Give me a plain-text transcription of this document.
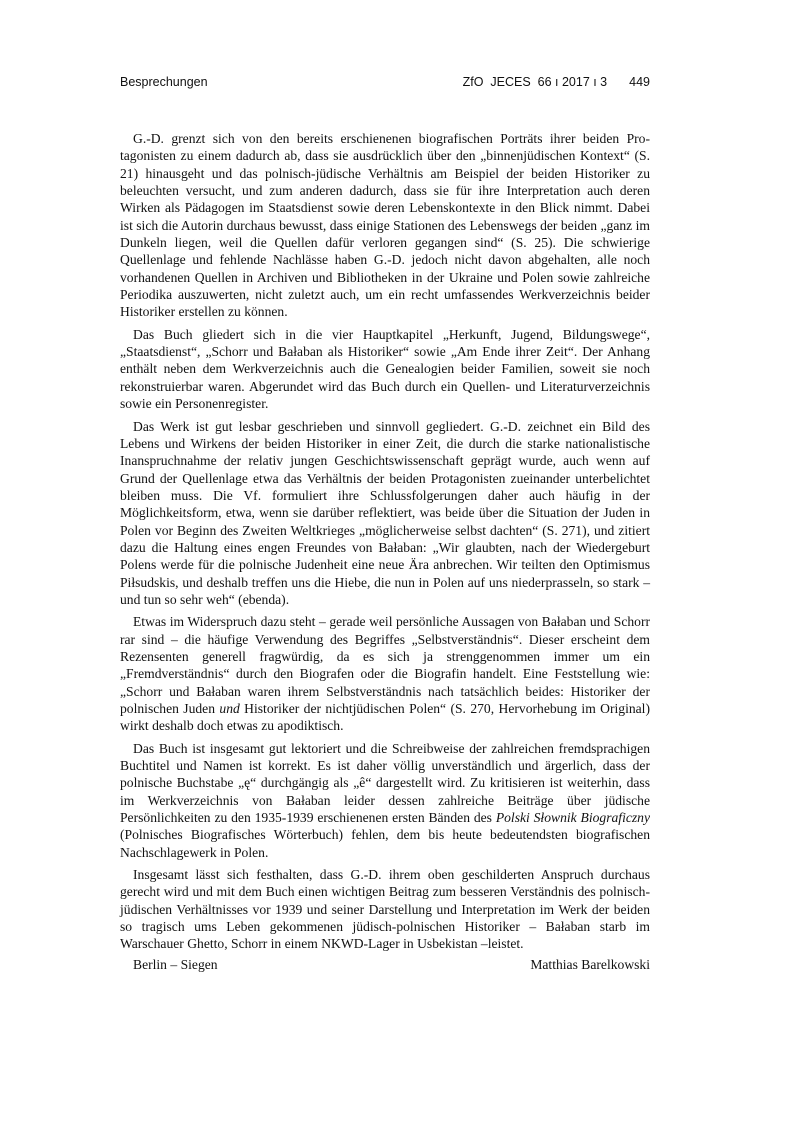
Besprechungen	ZfO  JECES  66 ı 2017 ı 3 449

G.-D. grenzt sich von den bereits erschienenen biografischen Porträts ihrer beiden Protagonisten zu einem dadurch ab, dass sie ausdrücklich über den „binnenjüdischen Kontext“ (S. 21) hinausgeht und das polnisch-jüdische Verhältnis am Beispiel der beiden Historiker zu beleuchten versucht, und zum anderen dadurch, dass sie für ihre Interpretation auch deren Wirken als Pädagogen im Staatsdienst sowie deren Lebenskontexte in den Blick nimmt. Dabei ist sich die Autorin durchaus bewusst, dass einige Stationen des Lebenswegs der beiden „ganz im Dunkeln liegen, weil die Quellen dafür verloren gegangen sind“ (S. 25). Die schwierige Quellenlage und fehlende Nachlässe haben G.-D. jedoch nicht davon abgehalten, alle noch vorhandenen Quellen in Archiven und Bibliotheken in der Ukraine und Polen sowie zahlreiche Periodika auszuwerten, nicht zuletzt auch, um ein recht umfassendes Werkverzeichnis beider Historiker erstellen zu können.

Das Buch gliedert sich in die vier Hauptkapitel „Herkunft, Jugend, Bildungswege“, „Staatsdienst“, „Schorr und Bałaban als Historiker“ sowie „Am Ende ihrer Zeit“. Der Anhang enthält neben dem Werkverzeichnis auch die Genealogien beider Familien, soweit sie noch rekonstruierbar waren. Abgerundet wird das Buch durch ein Quellen- und Literaturverzeichnis sowie ein Personenregister.

Das Werk ist gut lesbar geschrieben und sinnvoll gegliedert. G.-D. zeichnet ein Bild des Lebens und Wirkens der beiden Historiker in einer Zeit, die durch die starke nationalistische Inanspruchnahme der relativ jungen Geschichtswissenschaft geprägt wurde, auch wenn auf Grund der Quellenlage etwa das Verhältnis der beiden Protagonisten zueinander unterbelichtet bleiben muss. Die Vf. formuliert ihre Schlussfolgerungen daher auch häufig in der Möglichkeitsform, etwa, wenn sie darüber reflektiert, was beide über die Situation der Juden in Polen vor Beginn des Zweiten Weltkrieges „möglicherweise selbst dachten“ (S. 271), und zitiert dazu die Haltung eines engen Freundes von Bałaban: „Wir glaubten, nach der Wiedergeburt Polens werde für die polnische Judenheit eine neue Ära anbrechen. Wir teilten den Optimismus Piłsudskis, und deshalb treffen uns die Hiebe, die nun in Polen auf uns niederprasseln, so stark – und tun so sehr weh“ (ebenda).

Etwas im Widerspruch dazu steht – gerade weil persönliche Aussagen von Bałaban und Schorr rar sind – die häufige Verwendung des Begriffes „Selbstverständnis“. Dieser erscheint dem Rezensenten generell fragwürdig, da es sich ja strenggenommen immer um ein „Fremdverständnis“ durch den Biografen oder die Biografin handelt. Eine Feststellung wie: „Schorr und Bałaban waren ihrem Selbstverständnis nach tatsächlich beides: Historiker der polnischen Juden und Historiker der nichtjüdischen Polen“ (S. 270, Hervorhebung im Original) wirkt deshalb doch etwas zu apodiktisch.

Das Buch ist insgesamt gut lektoriert und die Schreibweise der zahlreichen fremdsprachigen Buchtitel und Namen ist korrekt. Es ist daher völlig unverständlich und ärgerlich, dass der polnische Buchstabe „ę“ durchgängig als „ê“ dargestellt wird. Zu kritisieren ist weiterhin, dass im Werkverzeichnis von Bałaban leider dessen zahlreiche Beiträge über jüdische Persönlichkeiten zu den 1935-1939 erschienenen ersten Bänden des Polski Słownik Biograficzny (Polnisches Biografisches Wörterbuch) fehlen, dem bis heute bedeutendsten biografischen Nachschlagewerk in Polen.

Insgesamt lässt sich festhalten, dass G.-D. ihrem oben geschilderten Anspruch durchaus gerecht wird und mit dem Buch einen wichtigen Beitrag zum besseren Verständnis des polnisch-jüdischen Verhältnisses vor 1939 und seiner Darstellung und Interpretation im Werk der beiden so tragisch ums Leben gekommenen jüdisch-polnischen Historiker – Bałaban starb im Warschauer Ghetto, Schorr in einem NKWD-Lager in Usbekistan –leistet.

Berlin – Siegen	Matthias Barelkowski
